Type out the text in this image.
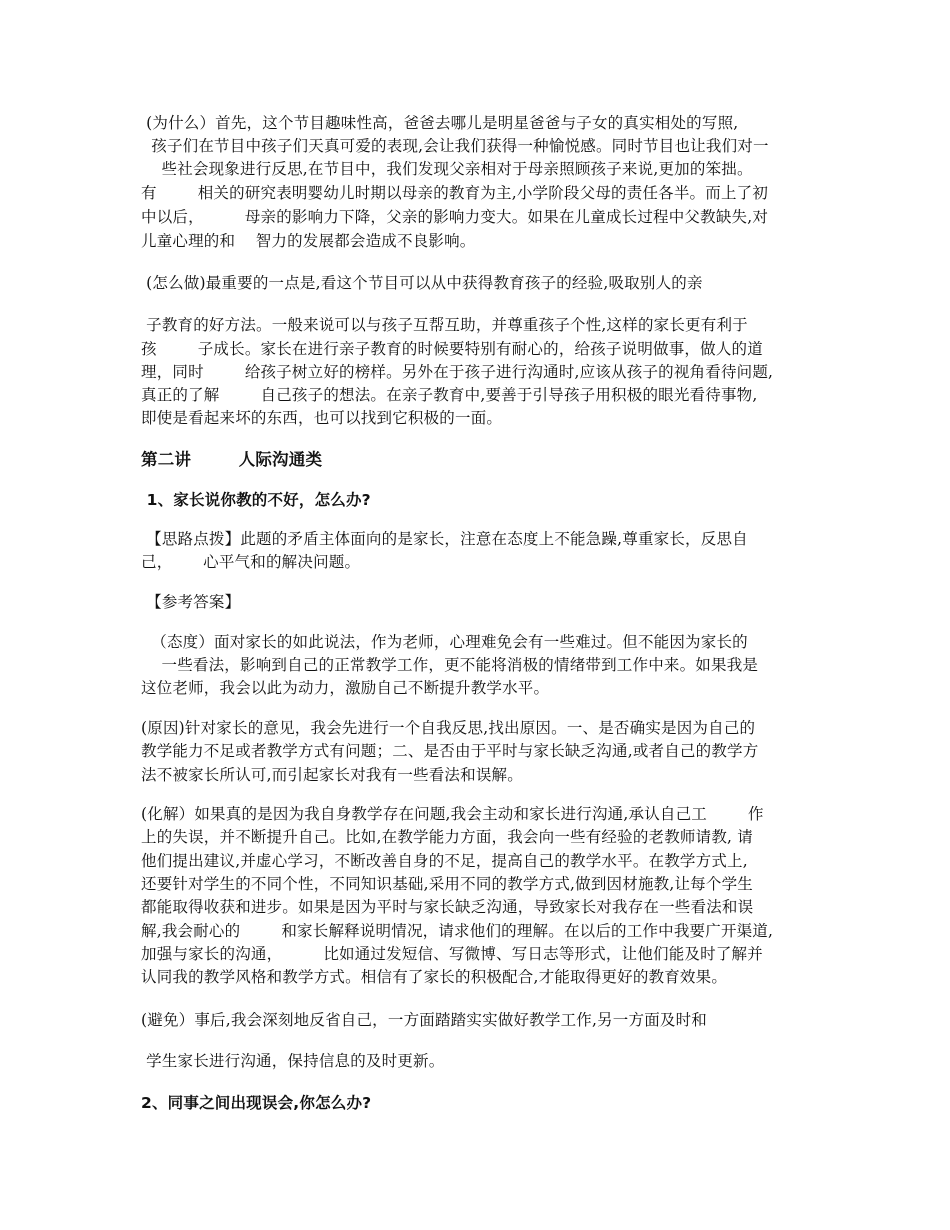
(为什么）首先，这个节目趣味性高，爸爸去哪儿是明星爸爸与子女的真实相处的写照,
孩子们在节目中孩子们天真可爱的表现,会让我们获得一种愉悦感。同时节目也让我们对一
些社会现象进行反思,在节目中，我们发现父亲相对于母亲照顾孩子来说,更加的笨拙。
有        相关的研究表明婴幼儿时期以母亲的教育为主,小学阶段父母的责任各半。而上了初
中以后，        母亲的影响力下降，父亲的影响力变大。如果在儿童成长过程中父教缺失,对
儿童心理的和    智力的发展都会造成不良影响。
(怎么做)最重要的一点是,看这个节目可以从中获得教育孩子的经验,吸取别人的亲
子教育的好方法。一般来说可以与孩子互帮互助，并尊重孩子个性,这样的家长更有利于
孩        子成长。家长在进行亲子教育的时候要特别有耐心的，给孩子说明做事，做人的道
理，同时        给孩子树立好的榜样。另外在于孩子进行沟通时,应该从孩子的视角看待问题,
真正的了解        自己孩子的想法。在亲子教育中,要善于引导孩子用积极的眼光看待事物,
即使是看起来坏的东西，也可以找到它积极的一面。
第二讲        人际沟通类
1、家长说你教的不好，怎么办?
【思路点拨】此题的矛盾主体面向的是家长，注意在态度上不能急躁,尊重家长，反思自
己，      心平气和的解决问题。
【参考答案】
（态度）面对家长的如此说法，作为老师，心理难免会有一些难过。但不能因为家长的
一些看法，影响到自己的正常教学工作，更不能将消极的情绪带到工作中来。如果我是
这位老师，我会以此为动力，激励自己不断提升教学水平。
(原因)针对家长的意见，我会先进行一个自我反思,找出原因。一、是否确实是因为自己的
教学能力不足或者教学方式有问题；二、是否由于平时与家长缺乏沟通,或者自己的教学方
法不被家长所认可,而引起家长对我有一些看法和误解。
(化解）如果真的是因为我自身教学存在问题,我会主动和家长进行沟通,承认自己工        作
上的失误，并不断提升自己。比如,在教学能力方面，我会向一些有经验的老教师请教, 请
他们提出建议,并虚心学习，不断改善自身的不足，提高自己的教学水平。在教学方式上,
还要针对学生的不同个性，不同知识基础,采用不同的教学方式,做到因材施教,让每个学生
都能取得收获和进步。如果是因为平时与家长缺乏沟通，导致家长对我存在一些看法和误
解,我会耐心的        和家长解释说明情况，请求他们的理解。在以后的工作中我要广开渠道,
加强与家长的沟通，        比如通过发短信、写微博、写日志等形式，让他们能及时了解并
认同我的教学风格和教学方式。相信有了家长的积极配合,才能取得更好的教育效果。
(避免）事后,我会深刻地反省自己，一方面踏踏实实做好教学工作,另一方面及时和
学生家长进行沟通，保持信息的及时更新。
2、同事之间出现误会,你怎么办?
